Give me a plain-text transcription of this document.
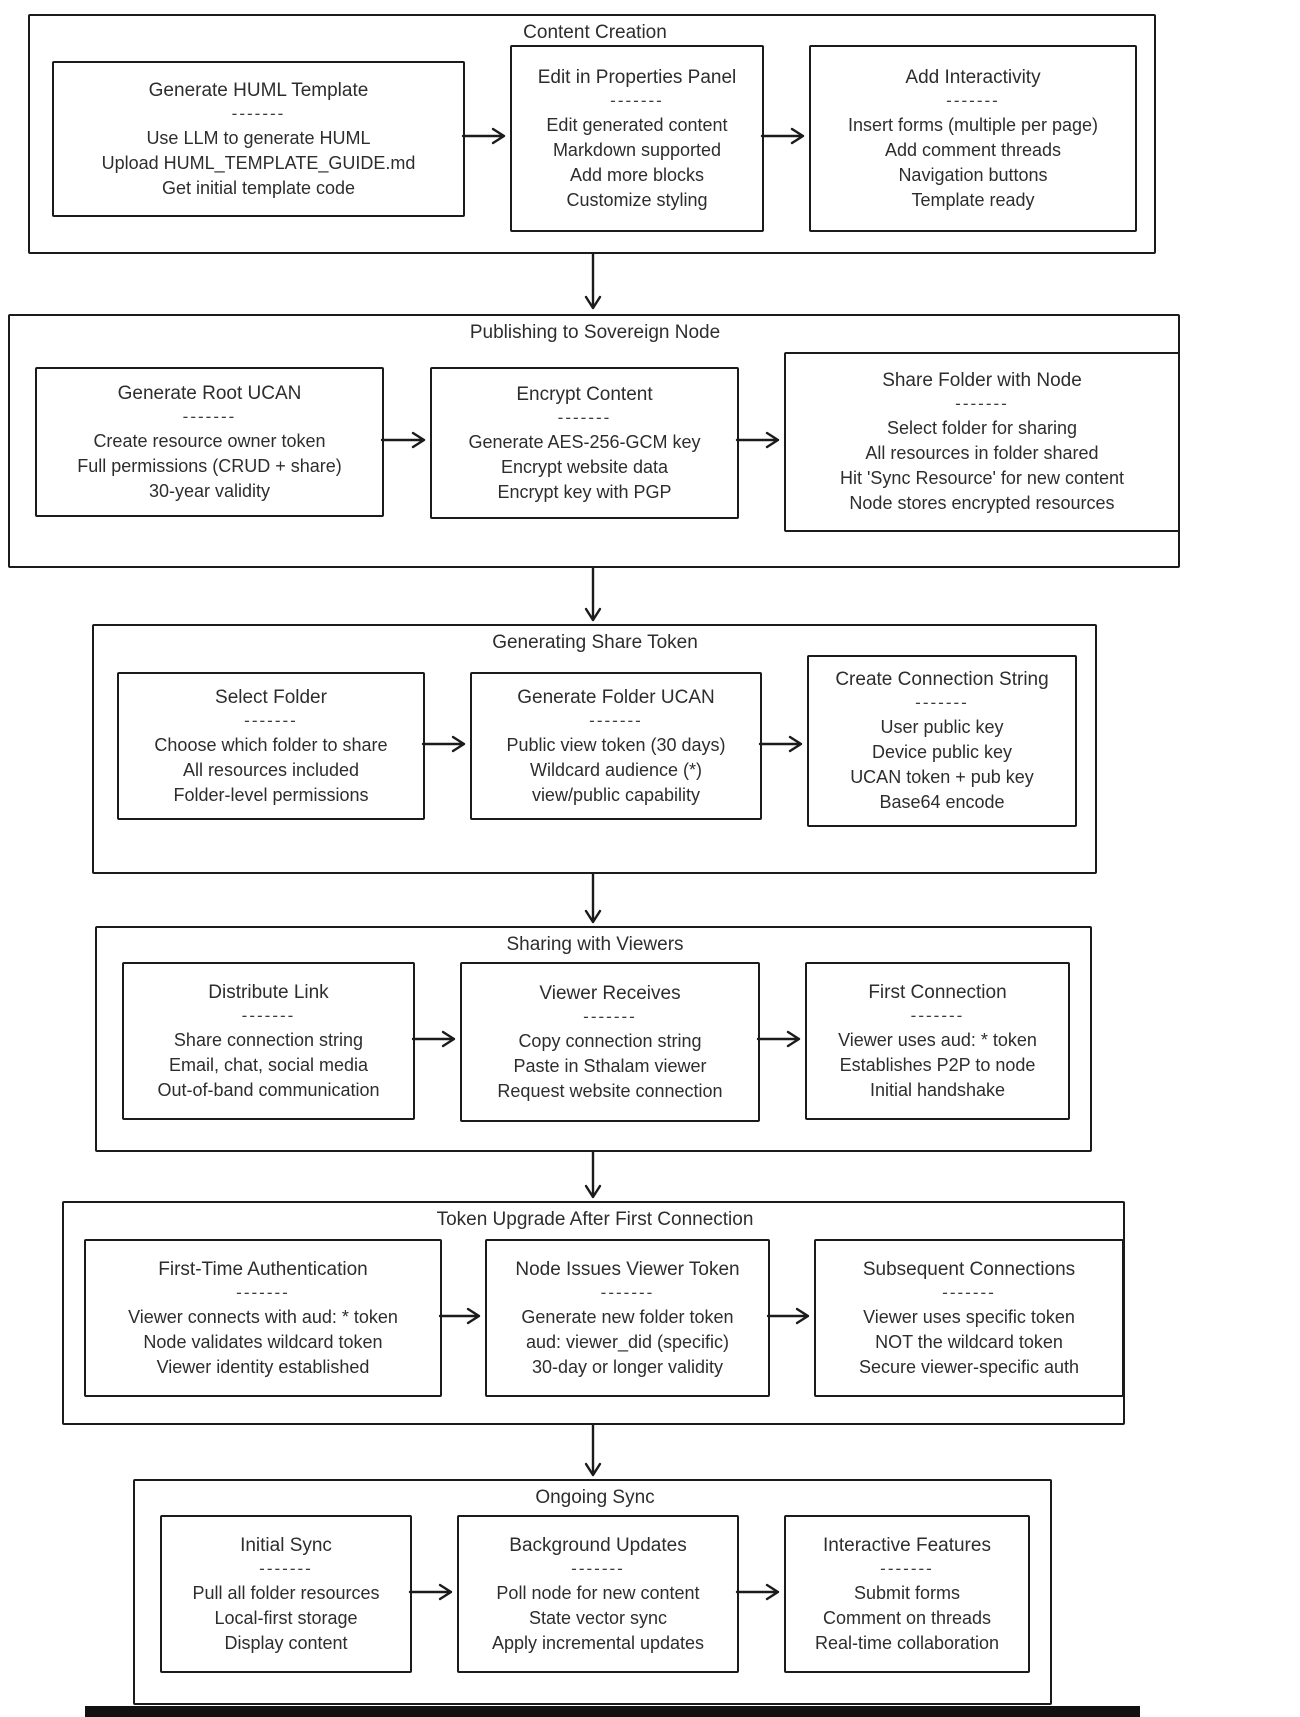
Content Creation
Generate HUML Template
-------
Use LLM to generate HUML
Upload HUML_TEMPLATE_GUIDE.md
Get initial template code
Edit in Properties Panel
-------
Edit generated content
Markdown supported
Add more blocks
Customize styling
Add Interactivity
-------
Insert forms (multiple per page)
Add comment threads
Navigation buttons
Template ready
Publishing to Sovereign Node
Generate Root UCAN
-------
Create resource owner token
Full permissions (CRUD + share)
30-year validity
Encrypt Content
-------
Generate AES-256-GCM key
Encrypt website data
Encrypt key with PGP
Share Folder with Node
-------
Select folder for sharing
All resources in folder shared
Hit 'Sync Resource' for new content
Node stores encrypted resources
Generating Share Token
Select Folder
-------
Choose which folder to share
All resources included
Folder-level permissions
Generate Folder UCAN
-------
Public view token (30 days)
Wildcard audience (*)
view/public capability
Create Connection String
-------
User public key
Device public key
UCAN token + pub key
Base64 encode
Sharing with Viewers
Distribute Link
-------
Share connection string
Email, chat, social media
Out-of-band communication
Viewer Receives
-------
Copy connection string
Paste in Sthalam viewer
Request website connection
First Connection
-------
Viewer uses aud: * token
Establishes P2P to node
Initial handshake
Token Upgrade After First Connection
First-Time Authentication
-------
Viewer connects with aud: * token
Node validates wildcard token
Viewer identity established
Node Issues Viewer Token
-------
Generate new folder token
aud: viewer_did (specific)
30-day or longer validity
Subsequent Connections
-------
Viewer uses specific token
NOT the wildcard token
Secure viewer-specific auth
Ongoing Sync
Initial Sync
-------
Pull all folder resources
Local-first storage
Display content
Background Updates
-------
Poll node for new content
State vector sync
Apply incremental updates
Interactive Features
-------
Submit forms
Comment on threads
Real-time collaboration
